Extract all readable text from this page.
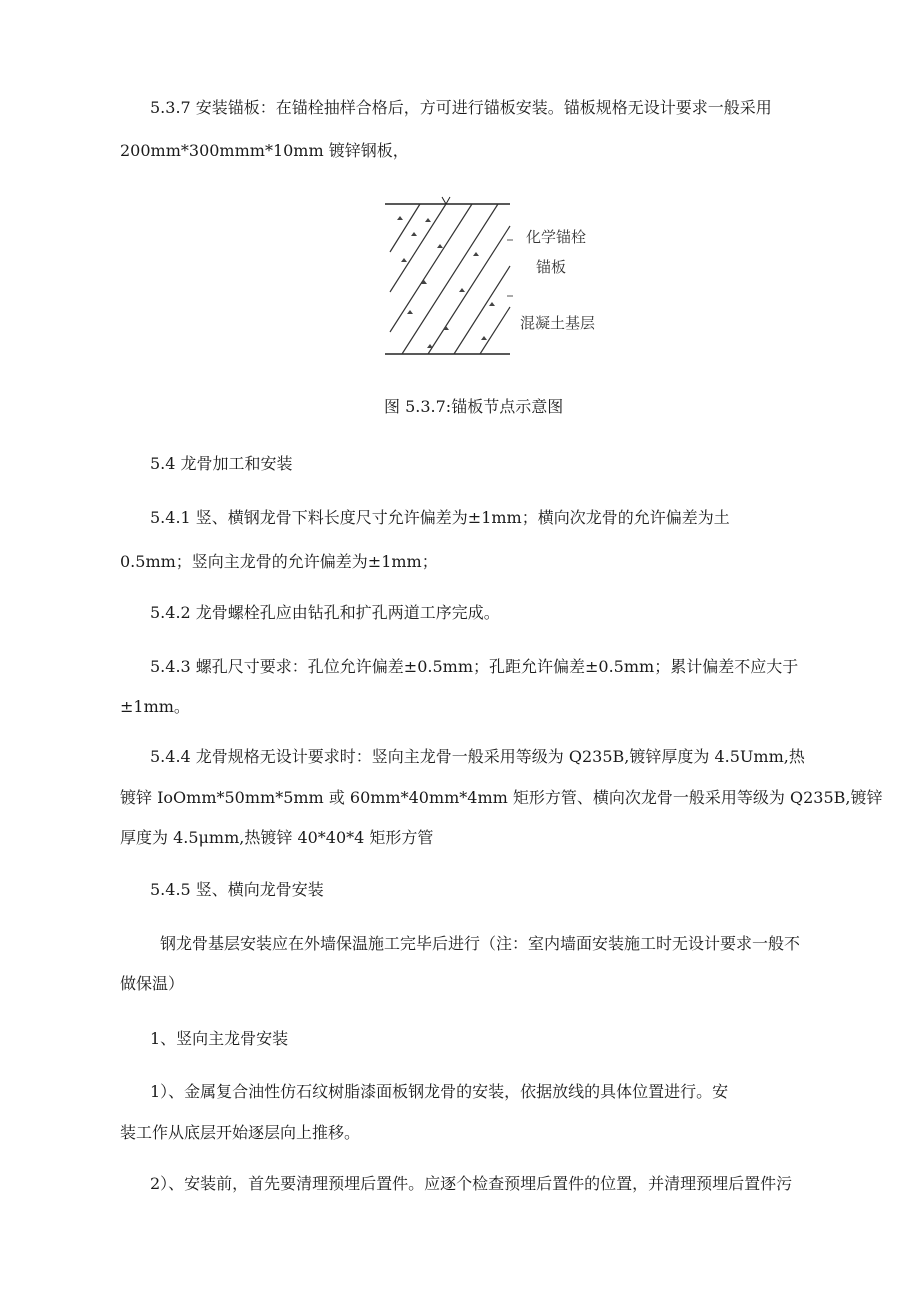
5.3.7 安装锚板：在锚栓抽样合格后，方可进行锚板安装。锚板规格无设计要求一般采用
200mm*300mmm*10mm 镀锌钢板，
化学锚栓
锚板
混凝土基层
图 5.3.7:锚板节点示意图
5.4 龙骨加工和安装
5.4.1 竖、横钢龙骨下料长度尺寸允许偏差为±1mm；横向次龙骨的允许偏差为土
0.5mm；竖向主龙骨的允许偏差为±1mm；
5.4.2 龙骨螺栓孔应由钻孔和扩孔两道工序完成。
5.4.3 螺孔尺寸要求：孔位允许偏差±0.5mm；孔距允许偏差±0.5mm；累计偏差不应大于
±1mm。
5.4.4 龙骨规格无设计要求时：竖向主龙骨一般采用等级为 Q235B,镀锌厚度为 4.5Umm,热
镀锌 IoOmm*50mm*5mm 或 60mm*40mm*4mm 矩形方管、横向次龙骨一般采用等级为 Q235B,镀锌
厚度为 4.5μmm,热镀锌 40*40*4 矩形方管
5.4.5 竖、横向龙骨安装
钢龙骨基层安装应在外墙保温施工完毕后进行（注：室内墙面安装施工时无设计要求一般不
做保温）
1、竖向主龙骨安装
1）、金属复合油性仿石纹树脂漆面板钢龙骨的安装，依据放线的具体位置进行。安
装工作从底层开始逐层向上推移。
2）、安装前，首先要清理预埋后置件。应逐个检查预埋后置件的位置，并清理预埋后置件污
